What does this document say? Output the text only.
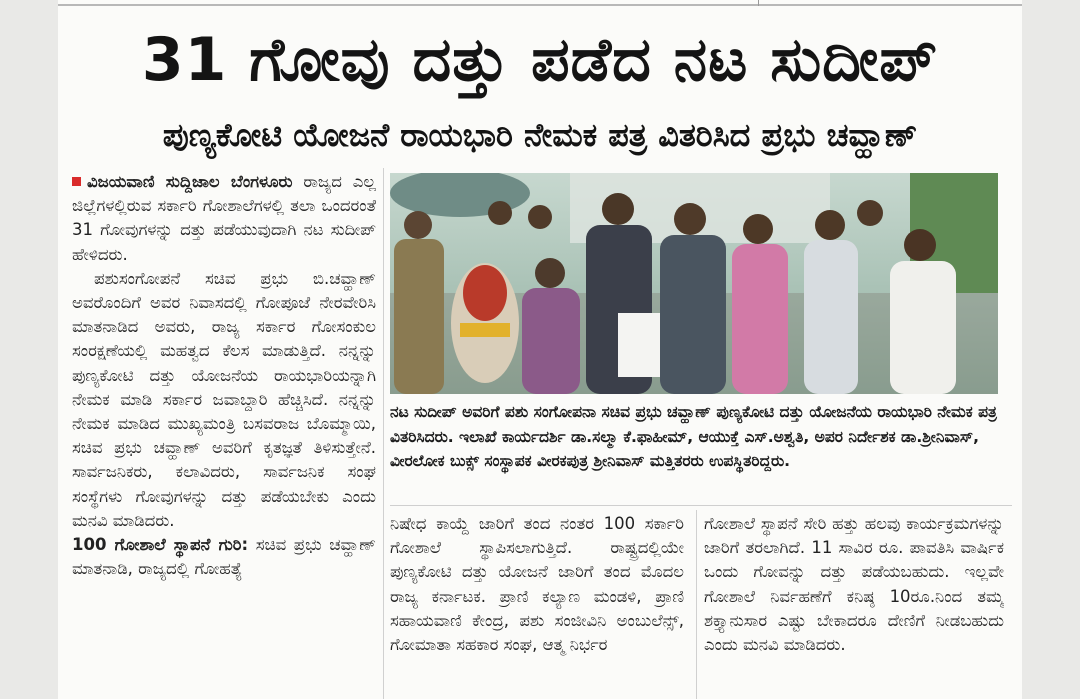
31 ಗೋವು ದತ್ತು ಪಡೆದ ನಟ ಸುದೀಪ್
ಪುಣ್ಯಕೋಟಿ ಯೋಜನೆ ರಾಯಭಾರಿ ನೇಮಕ ಪತ್ರ ವಿತರಿಸಿದ ಪ್ರಭು ಚವ್ಹಾಣ್

ವಿಜಯವಾಣಿ ಸುದ್ದಿಜಾಲ ಬೆಂಗಳೂರು ರಾಜ್ಯದ ಎಲ್ಲ ಜಿಲ್ಲೆಗಳಲ್ಲಿರುವ ಸರ್ಕಾರಿ ಗೋಶಾಲೆಗಳಲ್ಲಿ ತಲಾ ಒಂದರಂತೆ 31 ಗೋವುಗಳನ್ನು ದತ್ತು ಪಡೆಯುವುದಾಗಿ ನಟ ಸುದೀಪ್ ಹೇಳಿದರು.

ಪಶುಸಂಗೋಪನೆ ಸಚಿವ ಪ್ರಭು ಬಿ.ಚವ್ಹಾಣ್ ಅವರೊಂದಿಗೆ ಅವರ ನಿವಾಸದಲ್ಲಿ ಗೋಪೂಜೆ ನೇರವೇರಿಸಿ ಮಾತನಾಡಿದ ಅವರು, ರಾಜ್ಯ ಸರ್ಕಾರ ಗೋಸಂಕುಲ ಸಂರಕ್ಷಣೆಯಲ್ಲಿ ಮಹತ್ವದ ಕೆಲಸ ಮಾಡುತ್ತಿದೆ. ನನ್ನನ್ನು ಪುಣ್ಯಕೋಟಿ ದತ್ತು ಯೋಜನೆಯ ರಾಯಭಾರಿಯನ್ನಾಗಿ ನೇಮಕ ಮಾಡಿ ಸರ್ಕಾರ ಜವಾಬ್ದಾರಿ ಹೆಚ್ಚಿಸಿದೆ. ನನ್ನನ್ನು ನೇಮಕ ಮಾಡಿದ ಮುಖ್ಯಮಂತ್ರಿ ಬಸವರಾಜ ಬೊಮ್ಮಾಯಿ, ಸಚಿವ ಪ್ರಭು ಚವ್ಹಾಣ್ ಅವರಿಗೆ ಕೃತಜ್ಞತೆ ತಿಳಿಸುತ್ತೇನೆ. ಸಾರ್ವಜನಿಕರು, ಕಲಾವಿದರು, ಸಾರ್ವಜನಿಕ ಸಂಘ ಸಂಸ್ಥೆಗಳು ಗೋವುಗಳನ್ನು ದತ್ತು ಪಡೆಯಬೇಕು ಎಂದು ಮನವಿ ಮಾಡಿದರು.

100 ಗೋಶಾಲೆ ಸ್ಥಾಪನೆ ಗುರಿ: ಸಚಿವ ಪ್ರಭು ಚವ್ಹಾಣ್ ಮಾತನಾಡಿ, ರಾಜ್ಯದಲ್ಲಿ ಗೋಹತ್ಯೆ

ನಟ ಸುದೀಪ್ ಅವರಿಗೆ ಪಶು ಸಂಗೋಪನಾ ಸಚಿವ ಪ್ರಭು ಚವ್ಹಾಣ್ ಪುಣ್ಯಕೋಟಿ ದತ್ತು ಯೋಜನೆಯ ರಾಯಭಾರಿ ನೇಮಕ ಪತ್ರ ವಿತರಿಸಿದರು. ಇಲಾಖೆ ಕಾರ್ಯದರ್ಶಿ ಡಾ.ಸಲ್ಮಾ ಕೆ.ಫಾಹೀಮ್, ಆಯುಕ್ತೆ ಎಸ್.ಅಶ್ವತಿ, ಅಪರ ನಿರ್ದೇಶಕ ಡಾ.ಶ್ರೀನಿವಾಸ್, ವೀರಲೋಕ ಬುಕ್ಸ್ ಸಂಸ್ಥಾಪಕ ವೀರಕಪುತ್ರ ಶ್ರೀನಿವಾಸ್ ಮತ್ತಿತರರು ಉಪಸ್ಥಿತರಿದ್ದರು.
ನಿಷೇಧ ಕಾಯ್ದೆ ಜಾರಿಗೆ ತಂದ ನಂತರ 100 ಸರ್ಕಾರಿ ಗೋಶಾಲೆ ಸ್ಥಾಪಿಸಲಾಗುತ್ತಿದೆ. ರಾಷ್ಟ್ರದಲ್ಲಿಯೇ ಪುಣ್ಯಕೋಟಿ ದತ್ತು ಯೋಜನೆ ಜಾರಿಗೆ ತಂದ ಮೊದಲ ರಾಜ್ಯ ಕರ್ನಾಟಕ. ಪ್ರಾಣಿ ಕಲ್ಯಾಣ ಮಂಡಳಿ, ಪ್ರಾಣಿ ಸಹಾಯವಾಣಿ ಕೇಂದ್ರ, ಪಶು ಸಂಜೀವಿನಿ ಅಂಬುಲೆನ್ಸ್, ಗೋಮಾತಾ ಸಹಕಾರ ಸಂಘ, ಆತ್ಮ ನಿರ್ಭರ
ಗೋಶಾಲೆ ಸ್ಥಾಪನೆ ಸೇರಿ ಹತ್ತು ಹಲವು ಕಾರ್ಯಕ್ರಮಗಳನ್ನು ಜಾರಿಗೆ ತರಲಾಗಿದೆ. 11 ಸಾವಿರ ರೂ. ಪಾವತಿಸಿ ವಾರ್ಷಿಕ ಒಂದು ಗೋವನ್ನು ದತ್ತು ಪಡೆಯಬಹುದು. ಇಲ್ಲವೇ ಗೋಶಾಲೆ ನಿರ್ವಹಣೆಗೆ ಕನಿಷ್ಠ 10ರೂ.ನಿಂದ ತಮ್ಮ ಶಕ್ತ್ಯಾನುಸಾರ ಎಷ್ಟು ಬೇಕಾದರೂ ದೇಣಿಗೆ ನೀಡಬಹುದು ಎಂದು ಮನವಿ ಮಾಡಿದರು.
